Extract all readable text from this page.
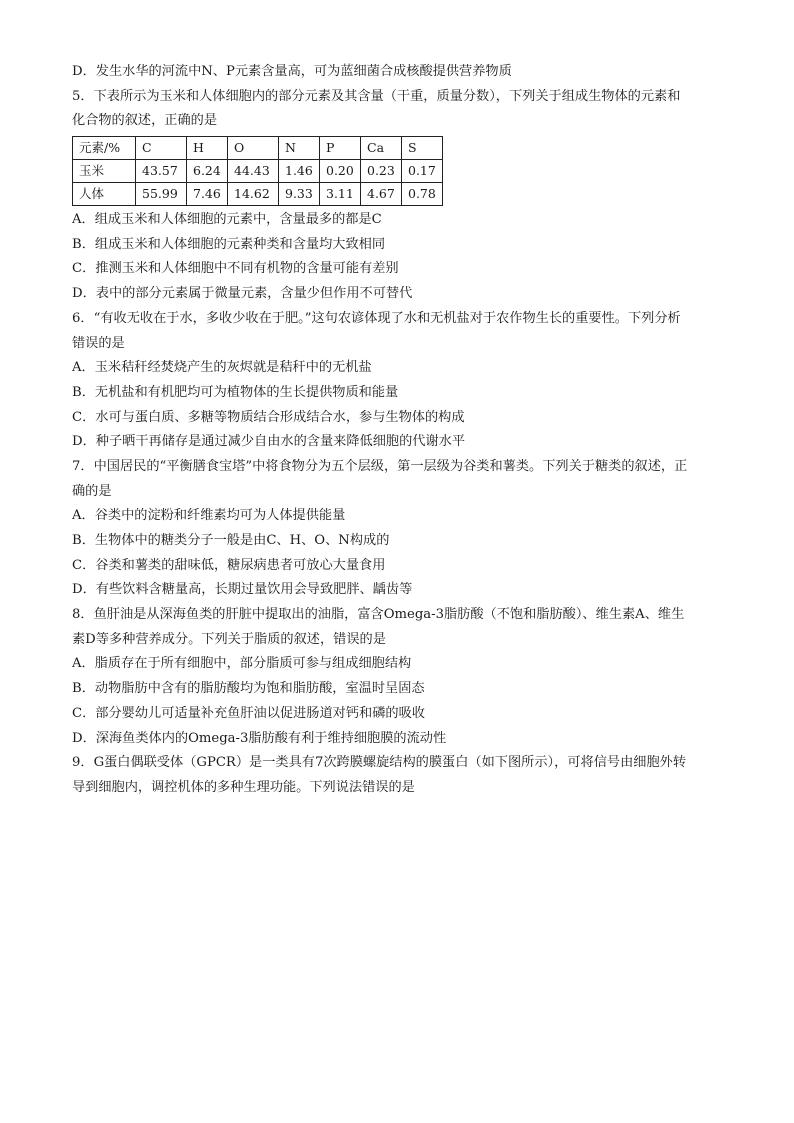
D．发生水华的河流中N、P元素含量高，可为蓝细菌合成核酸提供营养物质
5．下表所示为玉米和人体细胞内的部分元素及其含量（干重，质量分数），下列关于组成生物体的元素和
化合物的叙述，正确的是
元素/%	C	H	O	N	P	Ca	S
玉米	43.57	6.24	44.43	1.46	0.20	0.23	0.17
人体	55.99	7.46	14.62	9.33	3.11	4.67	0.78
A．组成玉米和人体细胞的元素中，含量最多的都是C
B．组成玉米和人体细胞的元素种类和含量均大致相同
C．推测玉米和人体细胞中不同有机物的含量可能有差别
D．表中的部分元素属于微量元素，含量少但作用不可替代
6．“有收无收在于水，多收少收在于肥。”这句农谚体现了水和无机盐对于农作物生长的重要性。下列分析
错误的是
A．玉米秸秆经焚烧产生的灰烬就是秸秆中的无机盐
B．无机盐和有机肥均可为植物体的生长提供物质和能量
C．水可与蛋白质、多糖等物质结合形成结合水，参与生物体的构成
D．种子晒干再储存是通过减少自由水的含量来降低细胞的代谢水平
7．中国居民的“平衡膳食宝塔”中将食物分为五个层级，第一层级为谷类和薯类。下列关于糖类的叙述，正
确的是
A．谷类中的淀粉和纤维素均可为人体提供能量
B．生物体中的糖类分子一般是由C、H、O、N构成的
C．谷类和薯类的甜味低，糖尿病患者可放心大量食用
D．有些饮料含糖量高，长期过量饮用会导致肥胖、龋齿等
8．鱼肝油是从深海鱼类的肝脏中提取出的油脂，富含Omega-3脂肪酸（不饱和脂肪酸）、维生素A、维生
素D等多种营养成分。下列关于脂质的叙述，错误的是
A．脂质存在于所有细胞中，部分脂质可参与组成细胞结构
B．动物脂肪中含有的脂肪酸均为饱和脂肪酸，室温时呈固态
C．部分婴幼儿可适量补充鱼肝油以促进肠道对钙和磷的吸收
D．深海鱼类体内的Omega-3脂肪酸有利于维持细胞膜的流动性
9．G蛋白偶联受体（GPCR）是一类具有7次跨膜螺旋结构的膜蛋白（如下图所示），可将信号由细胞外转
导到细胞内，调控机体的多种生理功能。下列说法错误的是
